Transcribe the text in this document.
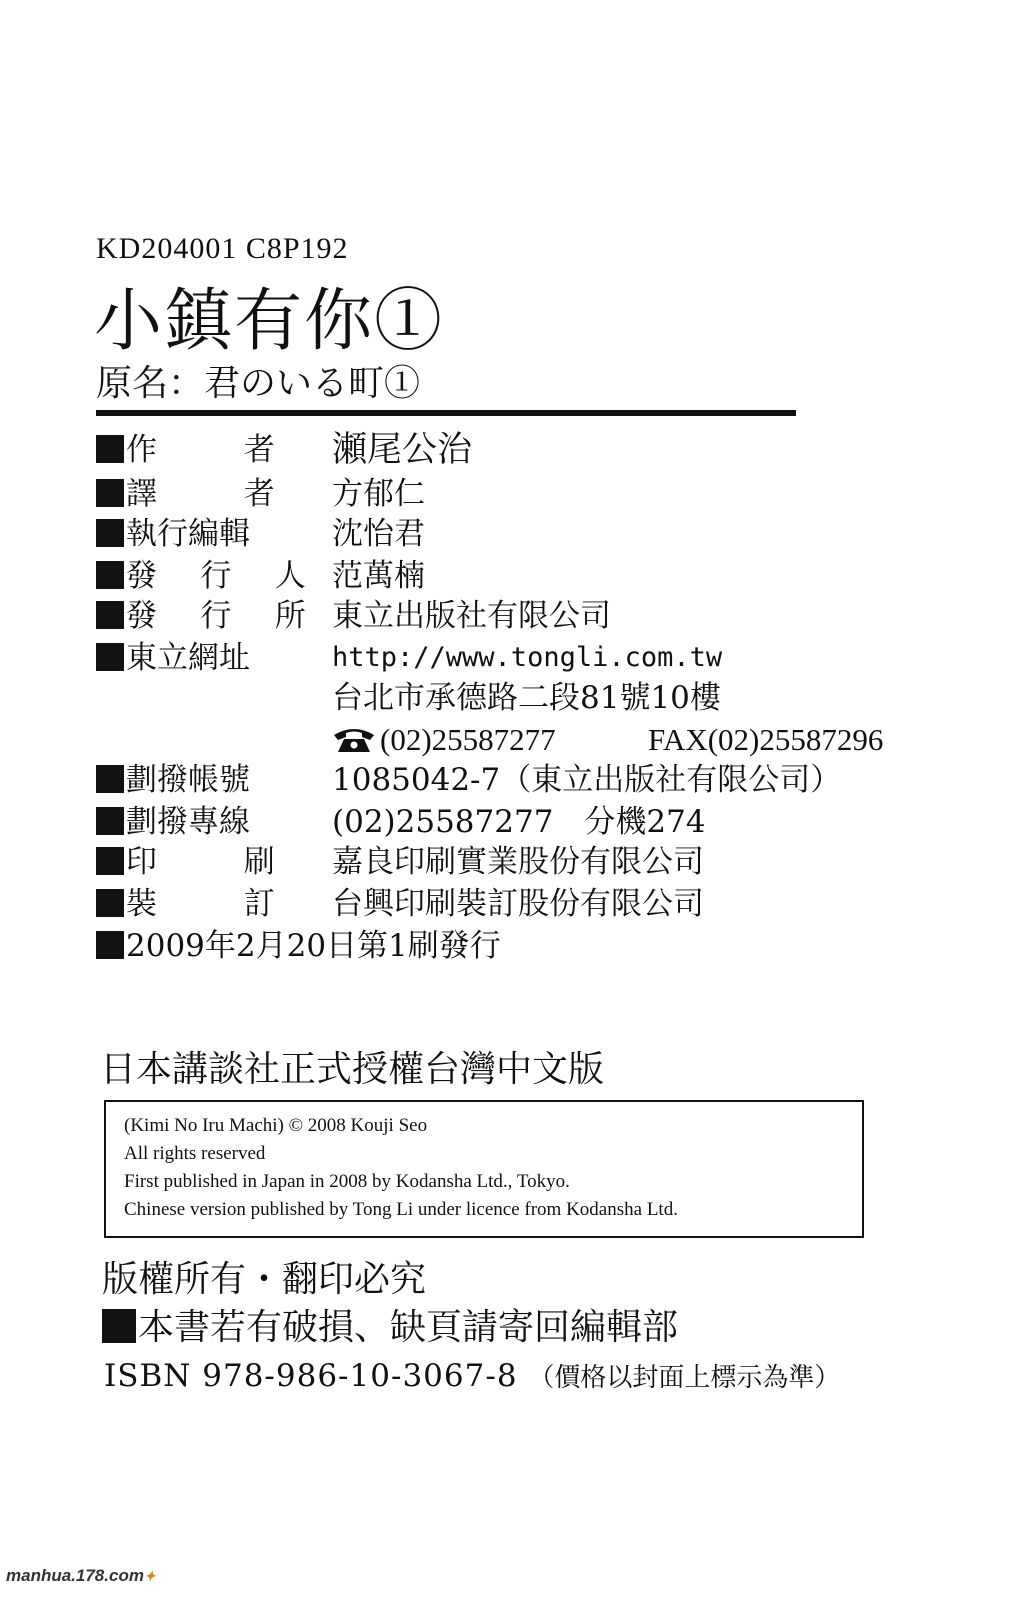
KD204001 C8P192
小鎮有你①
原名：君のいる町①
作	者 瀬尾公治
譯	者 方郁仁
執行編輯	沈怡君
發 行 人 范萬楠
發 行 所 東立出版社有限公司
東立網址	http://www.tongli.com.tw
台北市承德路二段81號10樓
(02)25587277	FAX(02)25587296
劃撥帳號	1085042-7（東立出版社有限公司）
劃撥專線	(02)25587277　分機274
印	刷 嘉良印刷實業股份有限公司
裝	訂 台興印刷裝訂股份有限公司
2009年2月20日第1刷發行
日本講談社正式授權台灣中文版
(Kimi No Iru Machi) © 2008 Kouji Seo
All rights reserved
First published in Japan in 2008 by Kodansha Ltd., Tokyo.
Chinese version published by Tong Li under licence from Kodansha Ltd.
版權所有・翻印必究
本書若有破損、缺頁請寄回編輯部
ISBN 978-986-10-3067-8 （價格以封面上標示為準）
manhua.178.com✦
